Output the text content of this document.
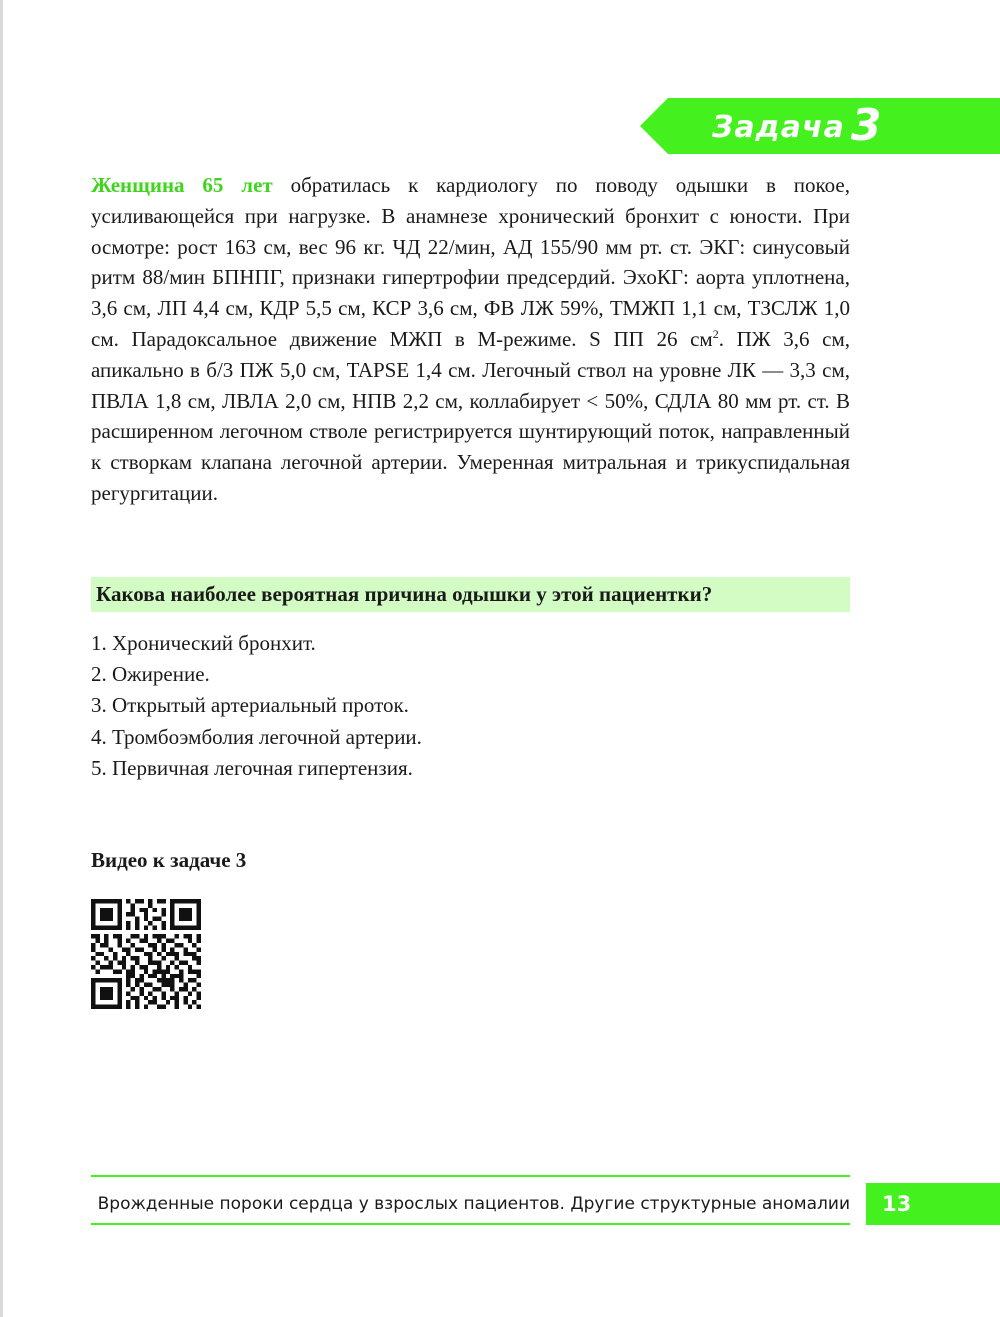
Задача 3

Женщина 65 лет обратилась к кардиологу по поводу одышки в покое, усиливающейся при нагрузке. В анамнезе хронический бронхит с юности. При осмотре: рост 163 см, вес 96 кг. ЧД 22/мин, АД 155/90 мм рт. ст. ЭКГ: синусовый ритм 88/мин БПНПГ, признаки гипертрофии предсердий. ЭхоКГ: аорта уплотнена, 3,6 см, ЛП 4,4 см, КДР 5,5 см, КСР 3,6 см, ФВ ЛЖ 59%, ТМЖП 1,1 см, ТЗСЛЖ 1,0 см. Парадоксальное движение МЖП в М-режиме. S ПП 26 $см^2$. ПЖ 3,6 см, апикально в б/3 ПЖ 5,0 см, TAPSE 1,4 см. Легочный ствол на уровне ЛК — 3,3 см, ПВЛА 1,8 см, ЛВЛА 2,0 см, НПВ 2,2 см, коллабирует < 50%, СДЛА 80 мм рт. ст. В расширенном легочном стволе регистрируется шунтирующий поток, направленный к створкам клапана легочной артерии. Умеренная митральная и трикуспидальная регургитации.

Какова наиболее вероятная причина одышки у этой пациентки?
1. Хронический бронхит.
2. Ожирение.
3. Открытый артериальный проток.
4. Тромбоэмболия легочной артерии.
5. Первичная легочная гипертензия.
Видео к задаче 3
Врожденные пороки сердца у взрослых пациентов. Другие структурные аномалии	13
